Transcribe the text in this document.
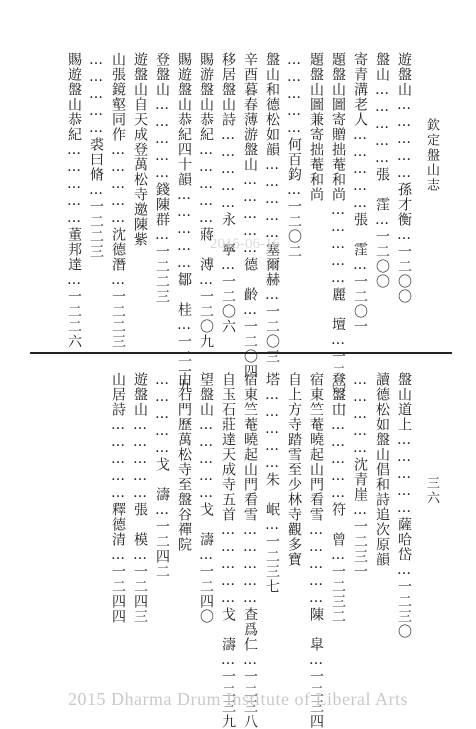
欽定盤山志
三六
遊盤山……………孫才衡…一二〇〇
盤山……………張　霔…一二〇〇
寄青溝老人……………張　霔…一二〇一
題盤山圖寄贈拙菴和尚……………麗　壇…一二〇二
題盤山圖兼寄拙菴和尚
……………何百鈞…一二〇二
盤山和德松如韻……………塞爾赫…一二〇三
辛酉暮春薄游盤山……………德　齡…一二〇四
移居盤山詩……………永　寧…一二〇六
賜游盤山恭紀……………蔣　溥…一二〇九
賜遊盤山恭紀四十韻……………鄒　桂…一二一九
登盤山……………錢陳群…一二二三
遊盤山自天成登萬松寺邀陳紫
山張鏡壑同作……………沈德潛…一二二三
……………裘曰脩…一二二三
賜遊盤山恭紀……………董邦達…一二二六
盤山道上……………薩哈岱…一二三〇
讀德松如盤山倡和詩追次原韻
……………沈青崖…一二三一
登盤山……………符　曾…一二三二
宿東竺菴曉起山門看雪……………陳　皐…一二三四
自上方寺踏雪至少林寺觀多寶
塔……………朱　岷…一二三七
宿東竺菴曉起山門看雪……………查爲仁…一二三八
自玉石莊達天成寺五首……………戈　濤…一二三九
望盤山……………戈　濤…一二四〇
由石門歷萬松寺至盤谷禪院
……………戈　濤…一二四二
遊盤山……………張　模…一二四三
山居詩……………釋德清…一二四四
2015-06-16
2015 Dharma Drum Institute of Liberal Arts
